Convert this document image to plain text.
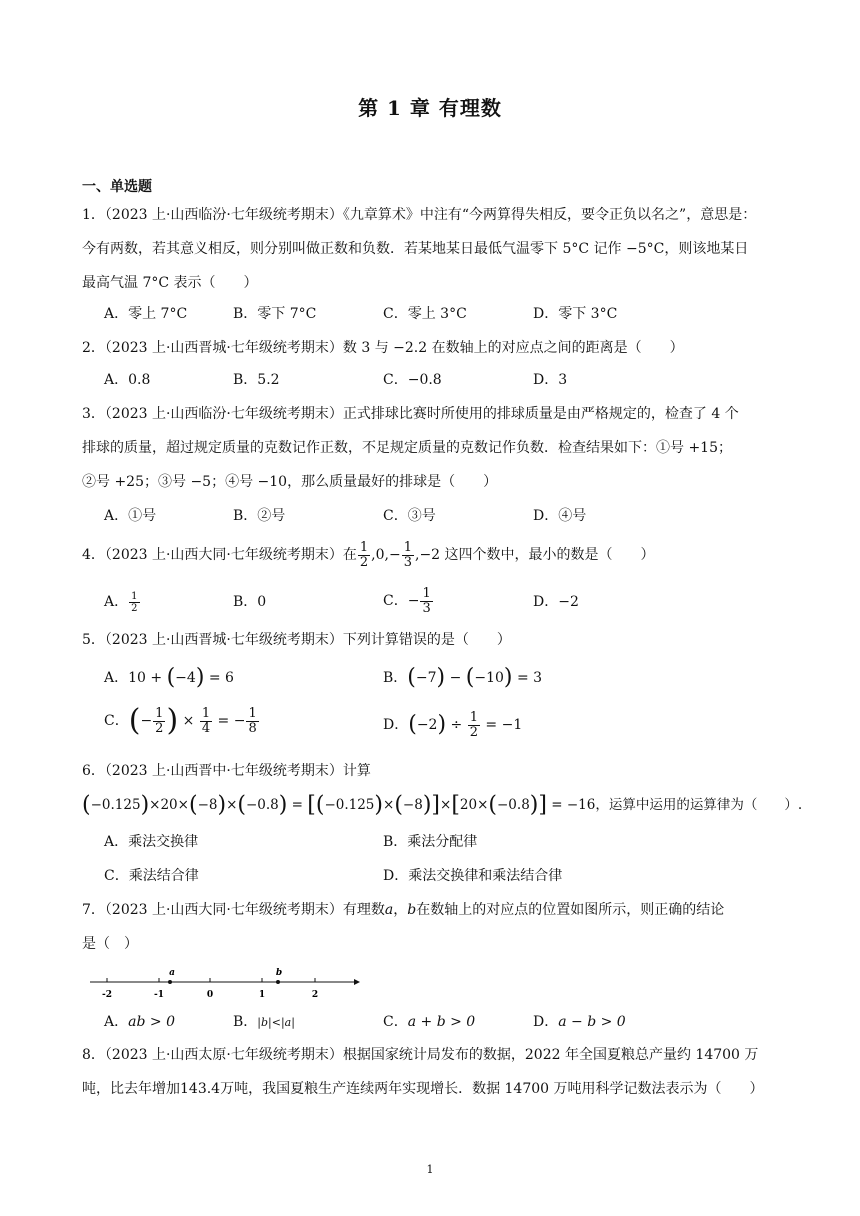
第 1 章 有理数
一、单选题
1．（2023 上·山西临汾·七年级统考期末）《九章算术》中注有“今两算得失相反，要令正负以名之”，意思是：
今有两数，若其意义相反，则分别叫做正数和负数．若某地某日最低气温零下 5°C 记作 −5°C，则该地某日
最高气温 7°C 表示（　　）
A．零上 7°C	B．零下 7°C	C．零上 3°C	D．零下 3°C
2．（2023 上·山西晋城·七年级统考期末）数 3 与 −2.2 在数轴上的对应点之间的距离是（　　）
A．0.8	B．5.2	C．−0.8	D．3
3．（2023 上·山西临汾·七年级统考期末）正式排球比赛时所使用的排球质量是由严格规定的，检查了 4 个
排球的质量，超过规定质量的克数记作正数，不足规定质量的克数记作负数．检查结果如下：①号 +15；
②号 +25；③号 −5；④号 −10，那么质量最好的排球是（　　）
A．①号	B．②号	C．③号	D．④号
4．（2023 上·山西大同·七年级统考期末）在 $\frac{1}{2} ,0,- \frac{1}{3} ,-2$ 这四个数中，最小的数是（　　）
A． $\frac{1}{2}$	B．0	C．− $\frac{1}{3}$	D．−2
5．（2023 上·山西晋城·七年级统考期末）下列计算错误的是（　　）
A．10 + (−4) = 6	B．(−7) − (−10) = 3
C．(− $\frac{1}{2}$ ) × $\frac{1}{4}$ = − $\frac{1}{8}$	D．$(-2) \div \frac{1}{2} = -1$
6．（2023 上·山西晋中·七年级统考期末）计算
(−0.125)×20×(−8)×(−0.8) = [(−0.125)×(−8)]×[20×(−0.8)] = −16，运算中运用的运算律为（　　）.
A．乘法交换律	B．乘法分配律
C．乘法结合律	D．乘法交换律和乘法结合律
7．（2023 上·山西大同·七年级统考期末）有理数a，b在数轴上的对应点的位置如图所示，则正确的结论
是（　）
-2	-1	0	1	2
a	b
A．ab > 0	B．|b|<|a|	C．a + b > 0	D．a − b > 0
8．（2023 上·山西太原·七年级统考期末）根据国家统计局发布的数据，2022 年全国夏粮总产量约 14700 万
吨，比去年增加143.4万吨，我国夏粮生产连续两年实现增长．数据 14700 万吨用科学记数法表示为（　　）
1
